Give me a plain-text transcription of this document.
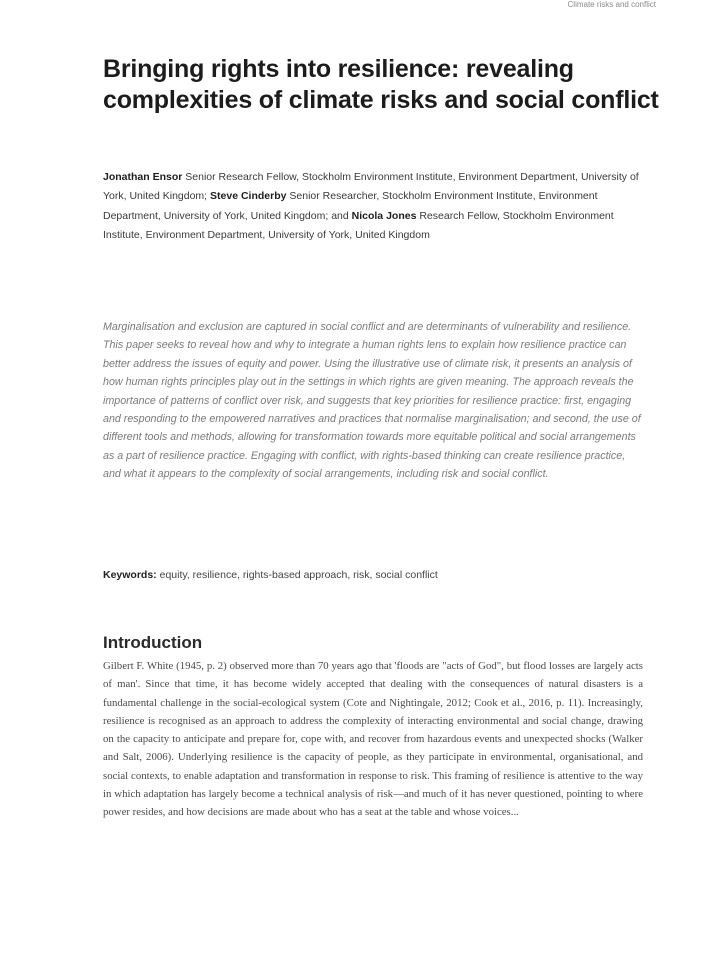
Climate risks and conflict
Bringing rights into resilience: revealing complexities of climate risks and social conflict
Jonathan Ensor Senior Research Fellow, Stockholm Environment Institute, Environment Department, University of York, United Kingdom; Steve Cinderby Senior Researcher, Stockholm Environment Institute, Environment Department, University of York, United Kingdom; and Nicola Jones Research Fellow, Stockholm Environment Institute, Environment Department, University of York, United Kingdom

Marginalisation and exclusion are captured in social conflict and are determinants of vulnerability and resilience. This paper seeks to reveal how and why to integrate a human rights lens to explain how resilience practice can better address the issues of equity and power. Using the illustrative use of climate risk, it presents an analysis of how human rights principles play out in the settings in which rights are given meaning. The approach reveals the importance of patterns of conflict over risk, and suggests that key priorities for resilience practice: first, engaging and responding to the empowered narratives and practices that normalise marginalisation; and second, the use of different tools and methods, allowing for transformation towards more equitable political and social arrangements as a part of resilience practice. Engaging with conflict, with rights-based thinking can create resilience practice, and what it appears to the complexity of social arrangements, including risk and social conflict.

Keywords: equity, resilience, rights-based approach, risk, social conflict
Introduction

Gilbert F. White (1945, p. 2) observed more than 70 years ago that 'floods are "acts of God", but flood losses are largely acts of man'. Since that time, it has become widely accepted that dealing with the consequences of natural disasters is a fundamental challenge in the social-ecological system (Cote and Nightingale, 2012; Cook et al., 2016, p. 11). Increasingly, resilience is recognised as an approach to address the complexity of interacting environmental and social change, drawing on the capacity to anticipate and prepare for, cope with, and recover from hazardous events and unexpected shocks (Walker and Salt, 2006). Underlying resilience is the capacity of people, as they participate in environmental, organisational, and social contexts, to enable adaptation and transformation in response to risk. This framing of resilience is attentive to the way in which adaptation has largely become a technical analysis of risk—and much of it has never questioned, pointing to where power resides, and how decisions are made about who has a seat at the table and whose voices...
